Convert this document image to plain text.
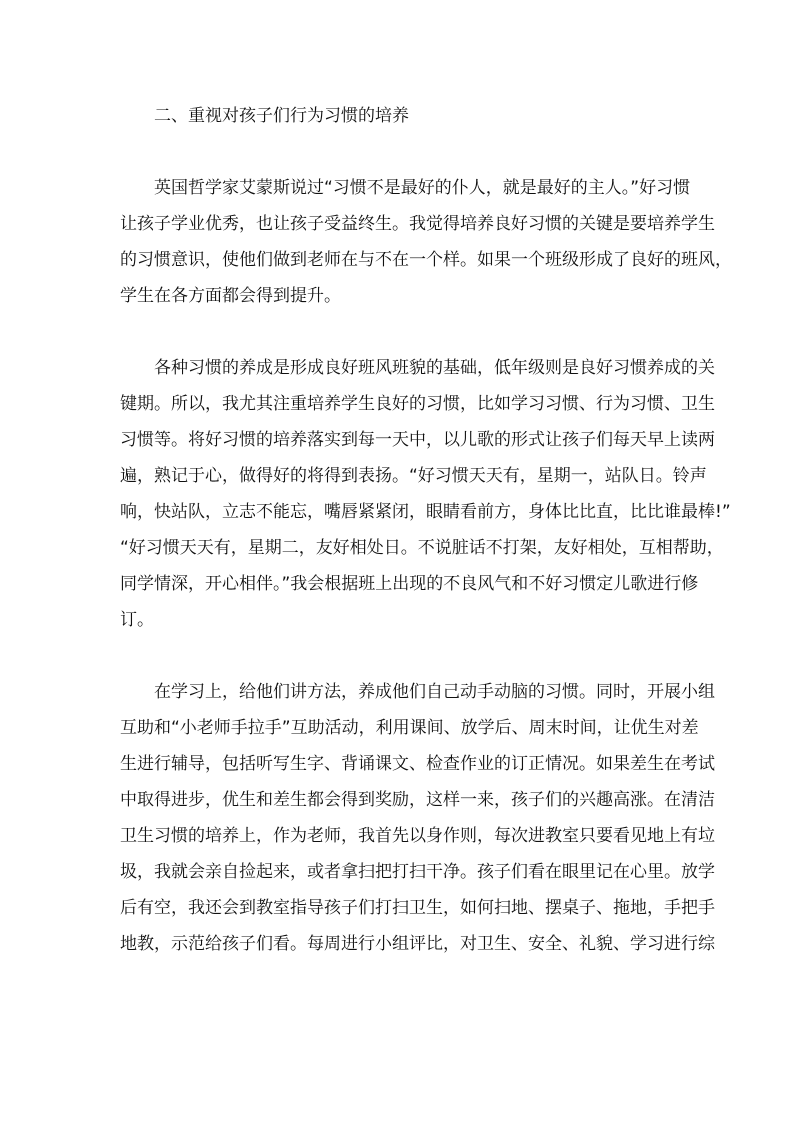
二、重视对孩子们行为习惯的培养
英国哲学家艾蒙斯说过“习惯不是最好的仆人，就是最好的主人。”好习惯
让孩子学业优秀，也让孩子受益终生。我觉得培养良好习惯的关键是要培养学生
的习惯意识，使他们做到老师在与不在一个样。如果一个班级形成了良好的班风，
学生在各方面都会得到提升。
各种习惯的养成是形成良好班风班貌的基础，低年级则是良好习惯养成的关
键期。所以，我尤其注重培养学生良好的习惯，比如学习习惯、行为习惯、卫生
习惯等。将好习惯的培养落实到每一天中，以儿歌的形式让孩子们每天早上读两
遍，熟记于心，做得好的将得到表扬。“好习惯天天有，星期一，站队日。铃声
响，快站队，立志不能忘，嘴唇紧紧闭，眼睛看前方，身体比比直，比比谁最棒!”
“好习惯天天有，星期二，友好相处日。不说脏话不打架，友好相处，互相帮助，
同学情深，开心相伴。”我会根据班上出现的不良风气和不好习惯定儿歌进行修
订。
在学习上，给他们讲方法，养成他们自己动手动脑的习惯。同时，开展小组
互助和“小老师手拉手”互助活动，利用课间、放学后、周末时间，让优生对差
生进行辅导，包括听写生字、背诵课文、检查作业的订正情况。如果差生在考试
中取得进步，优生和差生都会得到奖励，这样一来，孩子们的兴趣高涨。在清洁
卫生习惯的培养上，作为老师，我首先以身作则，每次进教室只要看见地上有垃
圾，我就会亲自捡起来，或者拿扫把打扫干净。孩子们看在眼里记在心里。放学
后有空，我还会到教室指导孩子们打扫卫生，如何扫地、摆桌子、拖地，手把手
地教，示范给孩子们看。每周进行小组评比，对卫生、安全、礼貌、学习进行综
